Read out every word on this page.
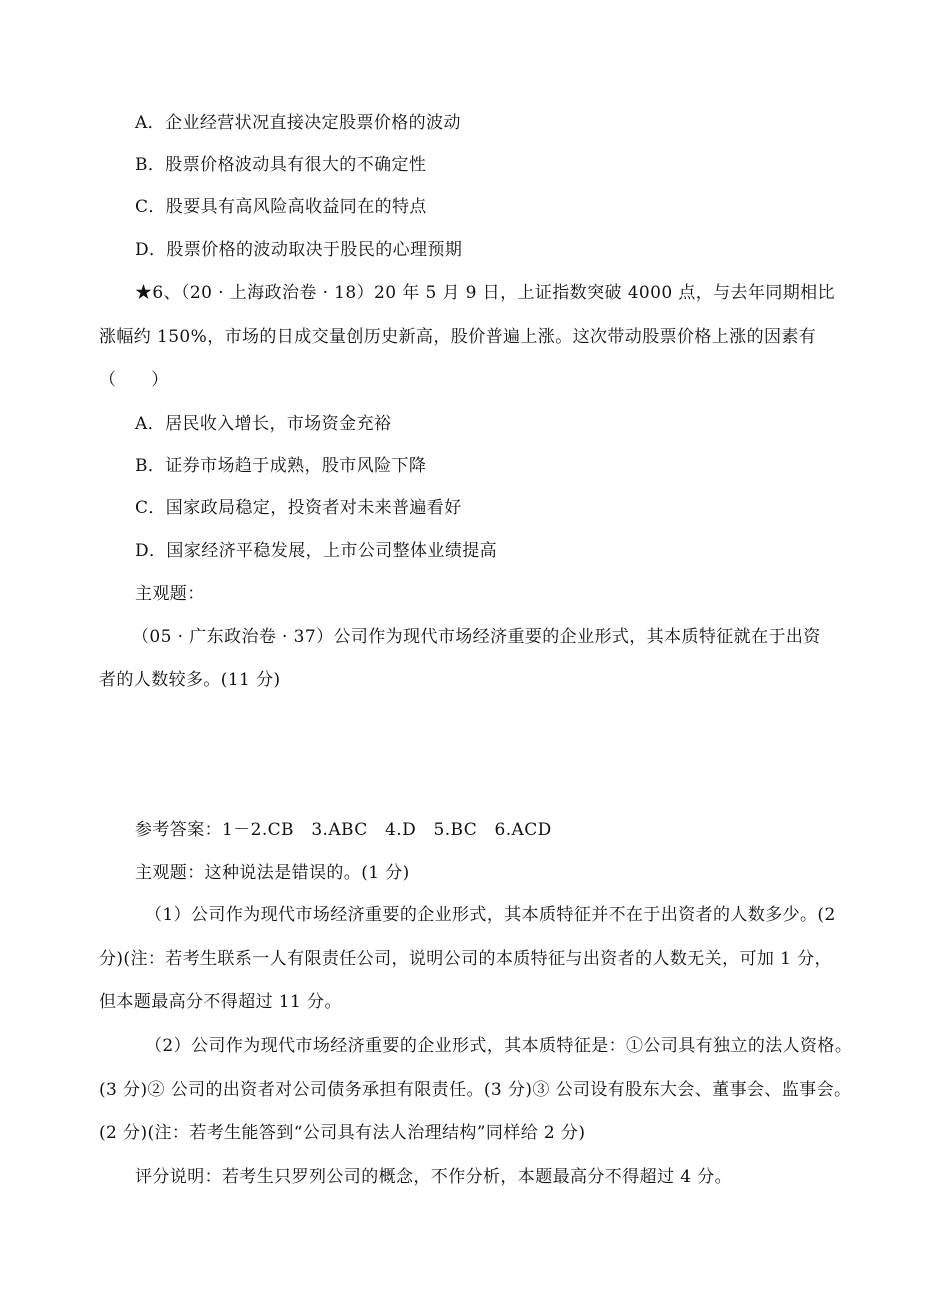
A．企业经营状况直接决定股票价格的波动
B．股票价格波动具有很大的不确定性
C．股要具有高风险高收益同在的特点
D．股票价格的波动取决于股民的心理预期
★6、（20 · 上海政治卷 · 18）20 年 5 月 9 日，上证指数突破 4000 点，与去年同期相比
涨幅约 150%，市场的日成交量创历史新高，股价普遍上涨。这次带动股票价格上涨的因素有
（　　）
A．居民收入增长，市场资金充裕
B．证券市场趋于成熟，股市风险下降
C．国家政局稳定，投资者对未来普遍看好
D．国家经济平稳发展，上市公司整体业绩提高
主观题：
（05 · 广东政治卷 · 37）公司作为现代市场经济重要的企业形式，其本质特征就在于出资
者的人数较多。(11 分)
参考答案：1－2.CB　3.ABC　4.D　5.BC　6.ACD
主观题：这种说法是错误的。(1 分)
（1）公司作为现代市场经济重要的企业形式，其本质特征并不在于出资者的人数多少。(2
分)(注：若考生联系一人有限责任公司，说明公司的本质特征与出资者的人数无关，可加 1 分，
但本题最高分不得超过 11 分。
（2）公司作为现代市场经济重要的企业形式，其本质特征是：①公司具有独立的法人资格。
(3 分)② 公司的出资者对公司债务承担有限责任。(3 分)③ 公司设有股东大会、董事会、监事会。
(2 分)(注：若考生能答到“公司具有法人治理结构”同样给 2 分)
评分说明：若考生只罗列公司的概念，不作分析，本题最高分不得超过 4 分。
